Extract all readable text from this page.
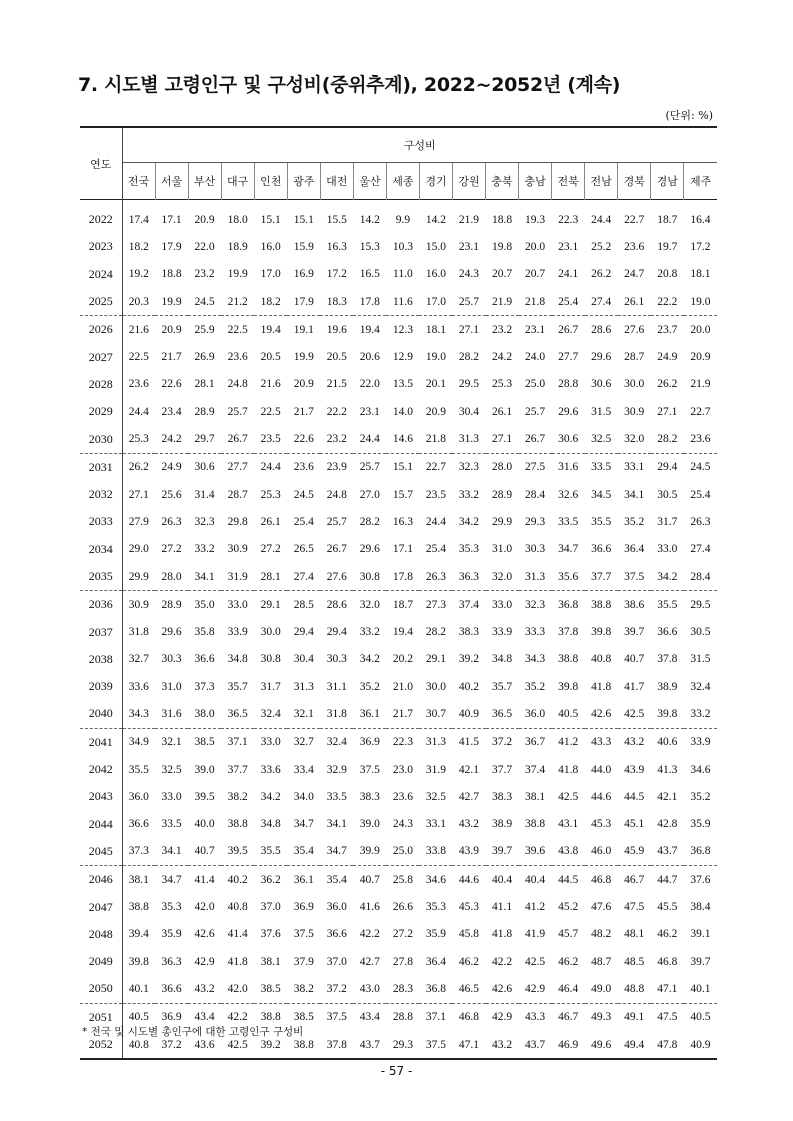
7. 시도별 고령인구 및 구성비(중위추계), 2022~2052년 (계속)
(단위: %)
연도	구성비																	
	전국	서울	부산	대구	인천	광주	대전	울산	세종	경기	강원	충북	충남	전북	전남	경북	경남	제주
2022	17.4	17.1	20.9	18.0	15.1	15.1	15.5	14.2	9.9	14.2	21.9	18.8	19.3	22.3	24.4	22.7	18.7	16.4
2023	18.2	17.9	22.0	18.9	16.0	15.9	16.3	15.3	10.3	15.0	23.1	19.8	20.0	23.1	25.2	23.6	19.7	17.2
2024	19.2	18.8	23.2	19.9	17.0	16.9	17.2	16.5	11.0	16.0	24.3	20.7	20.7	24.1	26.2	24.7	20.8	18.1
2025	20.3	19.9	24.5	21.2	18.2	17.9	18.3	17.8	11.6	17.0	25.7	21.9	21.8	25.4	27.4	26.1	22.2	19.0
2026	21.6	20.9	25.9	22.5	19.4	19.1	19.6	19.4	12.3	18.1	27.1	23.2	23.1	26.7	28.6	27.6	23.7	20.0
2027	22.5	21.7	26.9	23.6	20.5	19.9	20.5	20.6	12.9	19.0	28.2	24.2	24.0	27.7	29.6	28.7	24.9	20.9
2028	23.6	22.6	28.1	24.8	21.6	20.9	21.5	22.0	13.5	20.1	29.5	25.3	25.0	28.8	30.6	30.0	26.2	21.9
2029	24.4	23.4	28.9	25.7	22.5	21.7	22.2	23.1	14.0	20.9	30.4	26.1	25.7	29.6	31.5	30.9	27.1	22.7
2030	25.3	24.2	29.7	26.7	23.5	22.6	23.2	24.4	14.6	21.8	31.3	27.1	26.7	30.6	32.5	32.0	28.2	23.6
2031	26.2	24.9	30.6	27.7	24.4	23.6	23.9	25.7	15.1	22.7	32.3	28.0	27.5	31.6	33.5	33.1	29.4	24.5
2032	27.1	25.6	31.4	28.7	25.3	24.5	24.8	27.0	15.7	23.5	33.2	28.9	28.4	32.6	34.5	34.1	30.5	25.4
2033	27.9	26.3	32.3	29.8	26.1	25.4	25.7	28.2	16.3	24.4	34.2	29.9	29.3	33.5	35.5	35.2	31.7	26.3
2034	29.0	27.2	33.2	30.9	27.2	26.5	26.7	29.6	17.1	25.4	35.3	31.0	30.3	34.7	36.6	36.4	33.0	27.4
2035	29.9	28.0	34.1	31.9	28.1	27.4	27.6	30.8	17.8	26.3	36.3	32.0	31.3	35.6	37.7	37.5	34.2	28.4
2036	30.9	28.9	35.0	33.0	29.1	28.5	28.6	32.0	18.7	27.3	37.4	33.0	32.3	36.8	38.8	38.6	35.5	29.5
2037	31.8	29.6	35.8	33.9	30.0	29.4	29.4	33.2	19.4	28.2	38.3	33.9	33.3	37.8	39.8	39.7	36.6	30.5
2038	32.7	30.3	36.6	34.8	30.8	30.4	30.3	34.2	20.2	29.1	39.2	34.8	34.3	38.8	40.8	40.7	37.8	31.5
2039	33.6	31.0	37.3	35.7	31.7	31.3	31.1	35.2	21.0	30.0	40.2	35.7	35.2	39.8	41.8	41.7	38.9	32.4
2040	34.3	31.6	38.0	36.5	32.4	32.1	31.8	36.1	21.7	30.7	40.9	36.5	36.0	40.5	42.6	42.5	39.8	33.2
2041	34.9	32.1	38.5	37.1	33.0	32.7	32.4	36.9	22.3	31.3	41.5	37.2	36.7	41.2	43.3	43.2	40.6	33.9
2042	35.5	32.5	39.0	37.7	33.6	33.4	32.9	37.5	23.0	31.9	42.1	37.7	37.4	41.8	44.0	43.9	41.3	34.6
2043	36.0	33.0	39.5	38.2	34.2	34.0	33.5	38.3	23.6	32.5	42.7	38.3	38.1	42.5	44.6	44.5	42.1	35.2
2044	36.6	33.5	40.0	38.8	34.8	34.7	34.1	39.0	24.3	33.1	43.2	38.9	38.8	43.1	45.3	45.1	42.8	35.9
2045	37.3	34.1	40.7	39.5	35.5	35.4	34.7	39.9	25.0	33.8	43.9	39.7	39.6	43.8	46.0	45.9	43.7	36.8
2046	38.1	34.7	41.4	40.2	36.2	36.1	35.4	40.7	25.8	34.6	44.6	40.4	40.4	44.5	46.8	46.7	44.7	37.6
2047	38.8	35.3	42.0	40.8	37.0	36.9	36.0	41.6	26.6	35.3	45.3	41.1	41.2	45.2	47.6	47.5	45.5	38.4
2048	39.4	35.9	42.6	41.4	37.6	37.5	36.6	42.2	27.2	35.9	45.8	41.8	41.9	45.7	48.2	48.1	46.2	39.1
2049	39.8	36.3	42.9	41.8	38.1	37.9	37.0	42.7	27.8	36.4	46.2	42.2	42.5	46.2	48.7	48.5	46.8	39.7
2050	40.1	36.6	43.2	42.0	38.5	38.2	37.2	43.0	28.3	36.8	46.5	42.6	42.9	46.4	49.0	48.8	47.1	40.1
2051	40.5	36.9	43.4	42.2	38.8	38.5	37.5	43.4	28.8	37.1	46.8	42.9	43.3	46.7	49.3	49.1	47.5	40.5
2052	40.8	37.2	43.6	42.5	39.2	38.8	37.8	43.7	29.3	37.5	47.1	43.2	43.7	46.9	49.6	49.4	47.8	40.9
* 전국 및 시도별 총인구에 대한 고령인구 구성비
- 57 -
